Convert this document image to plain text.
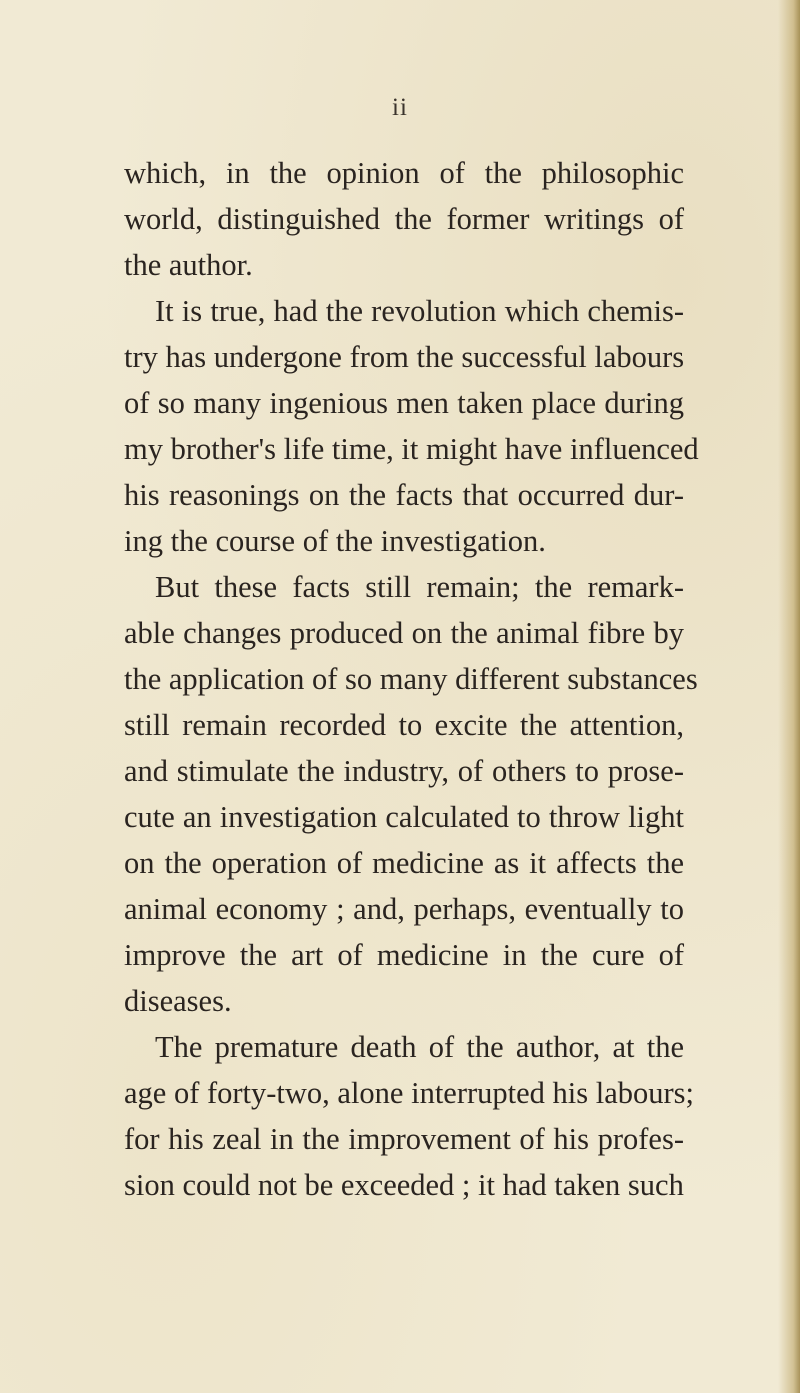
ii
which, in the opinion of the philosophic
world, distinguished the former writings of
the author.
It is true, had the revolution which chemis-
try has undergone from the successful labours
of so many ingenious men taken place during
my brother's life time, it might have influenced
his reasonings on the facts that occurred dur-
ing the course of the investigation.
But these facts still remain; the remark-
able changes produced on the animal fibre by
the application of so many different substances
still remain recorded to excite the attention,
and stimulate the industry, of others to prose-
cute an investigation calculated to throw light
on the operation of medicine as it affects the
animal economy ; and, perhaps, eventually to
improve the art of medicine in the cure of
diseases.
The premature death of the author, at the
age of forty-two, alone interrupted his labours;
for his zeal in the improvement of his profes-
sion could not be exceeded ; it had taken such
